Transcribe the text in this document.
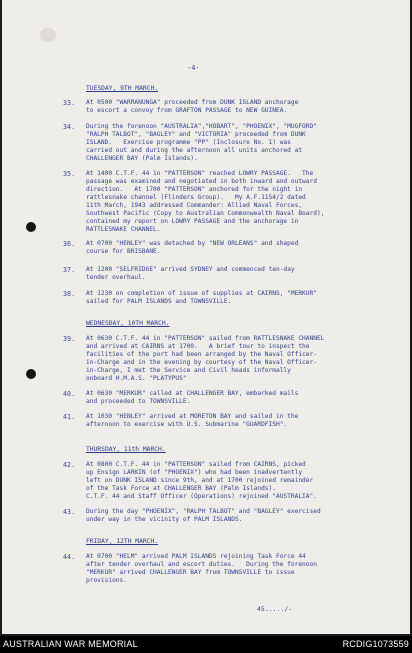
-4-
TUESDAY, 9TH MARCH.
33. At 0500 "WARRANUNGA" proceeded from DUNK ISLAND anchorage
to escort a convoy from GRAFTON PASSAGE to NEW GUINEA.
34. During the forenoon "AUSTRALIA","HOBART", "PHOENIX", "MUGFORD"
"RALPH TALBOT", "BAGLEY" and "VICTORIA" proceeded from DUNK
ISLAND.   Exercise programme "PP" (Inclosure No. 1) was
carried out and during the afternoon all units anchored at
CHALLENGER BAY (Palm Islands).
35. At 1400 C.T.F. 44 in "PATTERSON" reached LOWRY PASSAGE.   The
passage was examined and negotiated in both inward and outward
direction.   At 1700 "PATTERSON" anchored for the night in
rattlesnake channel (Flinders Group).   My A.F.1154/2 dated
11th March, 1943 addressed Commander: Allied Naval Forces,
Southwest Pacific (Copy to Australian Commonwealth Naval Board),
contained my report on LOWRY PASSAGE and the anchorage in
RATTLESNAKE CHANNEL.
36. At 0700 "HENLEY" was detached by "NEW ORLEANS" and shaped
course for BRISBANE.
37. At 1200 "SELFRIDGE" arrived SYDNEY and commenced ten-day
tender overhaul.
38. At 1230 on completion of issue of supplies at CAIRNS, "MERKUR"
sailed for PALM ISLANDS and TOWNSVILLE.
WEDNESDAY, 10TH MARCH.
39. At 0630 C.T.F. 44 in "PATTERSON" sailed from RATTLESNAKE CHANNEL
and arrived at CAIRNS at 1700.   A brief tour to inspect the
facilities of the port had been arranged by the Naval Officer-
in-Charge and in the evening by courtesy of the Naval Officer-
in-Charge, I met the Service and Civil heads informally
onboard H.M.A.S. "PLATYPUS"
40. At 0630 "MERKUR" called at CHALLENGER BAY, embarked mails
and proceeded to TOWNSVILLE.
41. At 1030 "HENLEY" arrived at MORETON BAY and sailed in the
afternoon to exercise with U.S. Submarine "GUARDFISH".
THURSDAY, 11th MARCH.
42. At 0800 C.T.F. 44 in "PATTERSON" sailed from CAIRNS, picked
up Ensign LARKIN (of "PHOENIX") who had been inadvertently
left on DUNK ISLAND since 9th, and at 1700 rejoined remainder
of the Task Force at CHALLENGER BAY (Palm Islands).
C.T.F. 44 and Staff Officer (Operations) rejoined "AUSTRALIA".
43. During the day "PHOENIX", "RALPH TALBOT" and "BAGLEY" exercised
under way in the vicinity of PALM ISLANDS.
FRIDAY, 12TH MARCH.
44. At 0700 "HELM" arrived PALM ISLANDS rejoining Task Force 44
after tender overhaul and escort duties.   During the forenoon
"MERKUR" arrived CHALLENGER BAY from TOWNSVILLE to issue
provisions.
45...../-
AUSTRALIAN WAR MEMORIAL	RCDIG1073559
